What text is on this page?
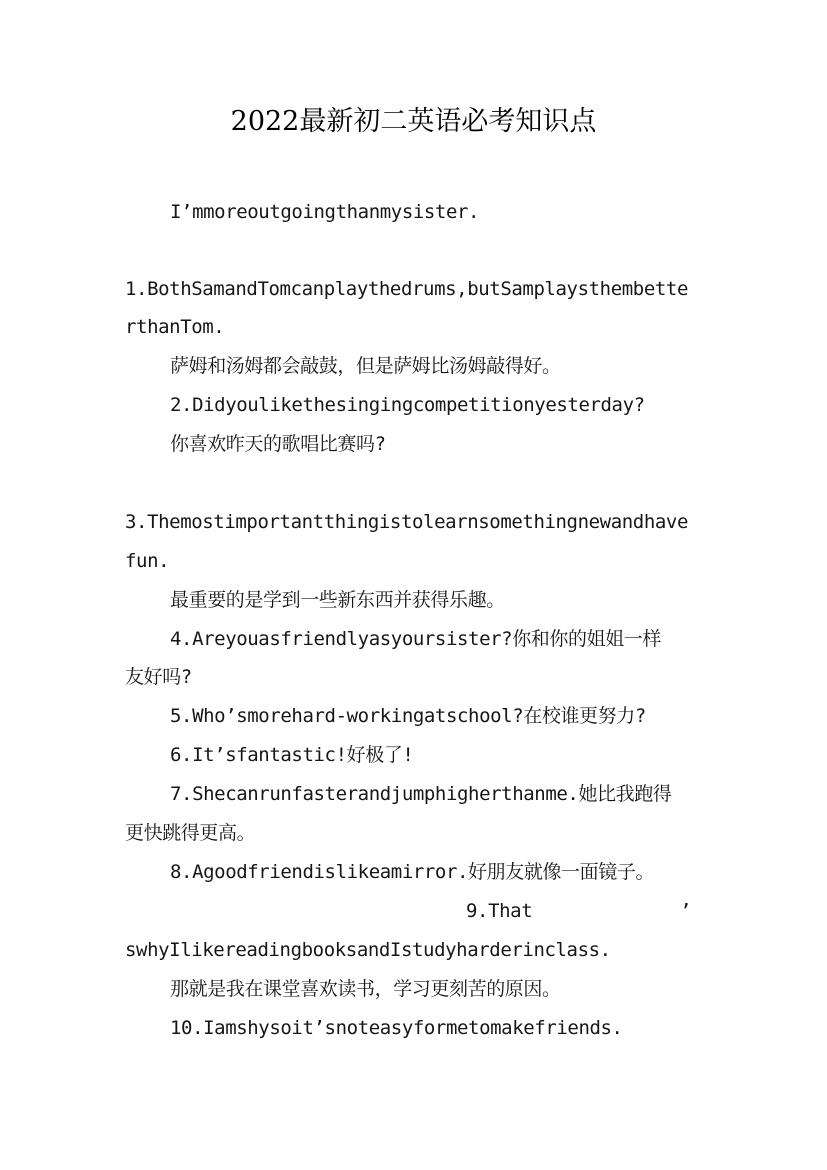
2022最新初二英语必考知识点
I’mmoreoutgoingthanmysister.
1.BothSamandTomcanplaythedrums,butSamplaysthembette
rthanTom.
萨姆和汤姆都会敲鼓，但是萨姆比汤姆敲得好。
2.Didyoulikethesingingcompetitionyesterday?
你喜欢昨天的歌唱比赛吗?
3.Themostimportantthingistolearnsomethingnewandhave
fun.
最重要的是学到一些新东西并获得乐趣。
4.Areyouasfriendlyasyoursister?你和你的姐姐一样
友好吗?
5.Who’smorehard-workingatschool?在校谁更努力?
6.It’sfantastic!好极了!
7.Shecanrunfasterandjumphigherthanme.她比我跑得
更快跳得更高。
8.Agoodfriendislikeamirror.好朋友就像一面镜子。
9.That	’
swhyIlikereadingbooksandIstudyharderinclass.
那就是我在课堂喜欢读书，学习更刻苦的原因。
10.Iamshysoit’snoteasyformetomakefriends.
